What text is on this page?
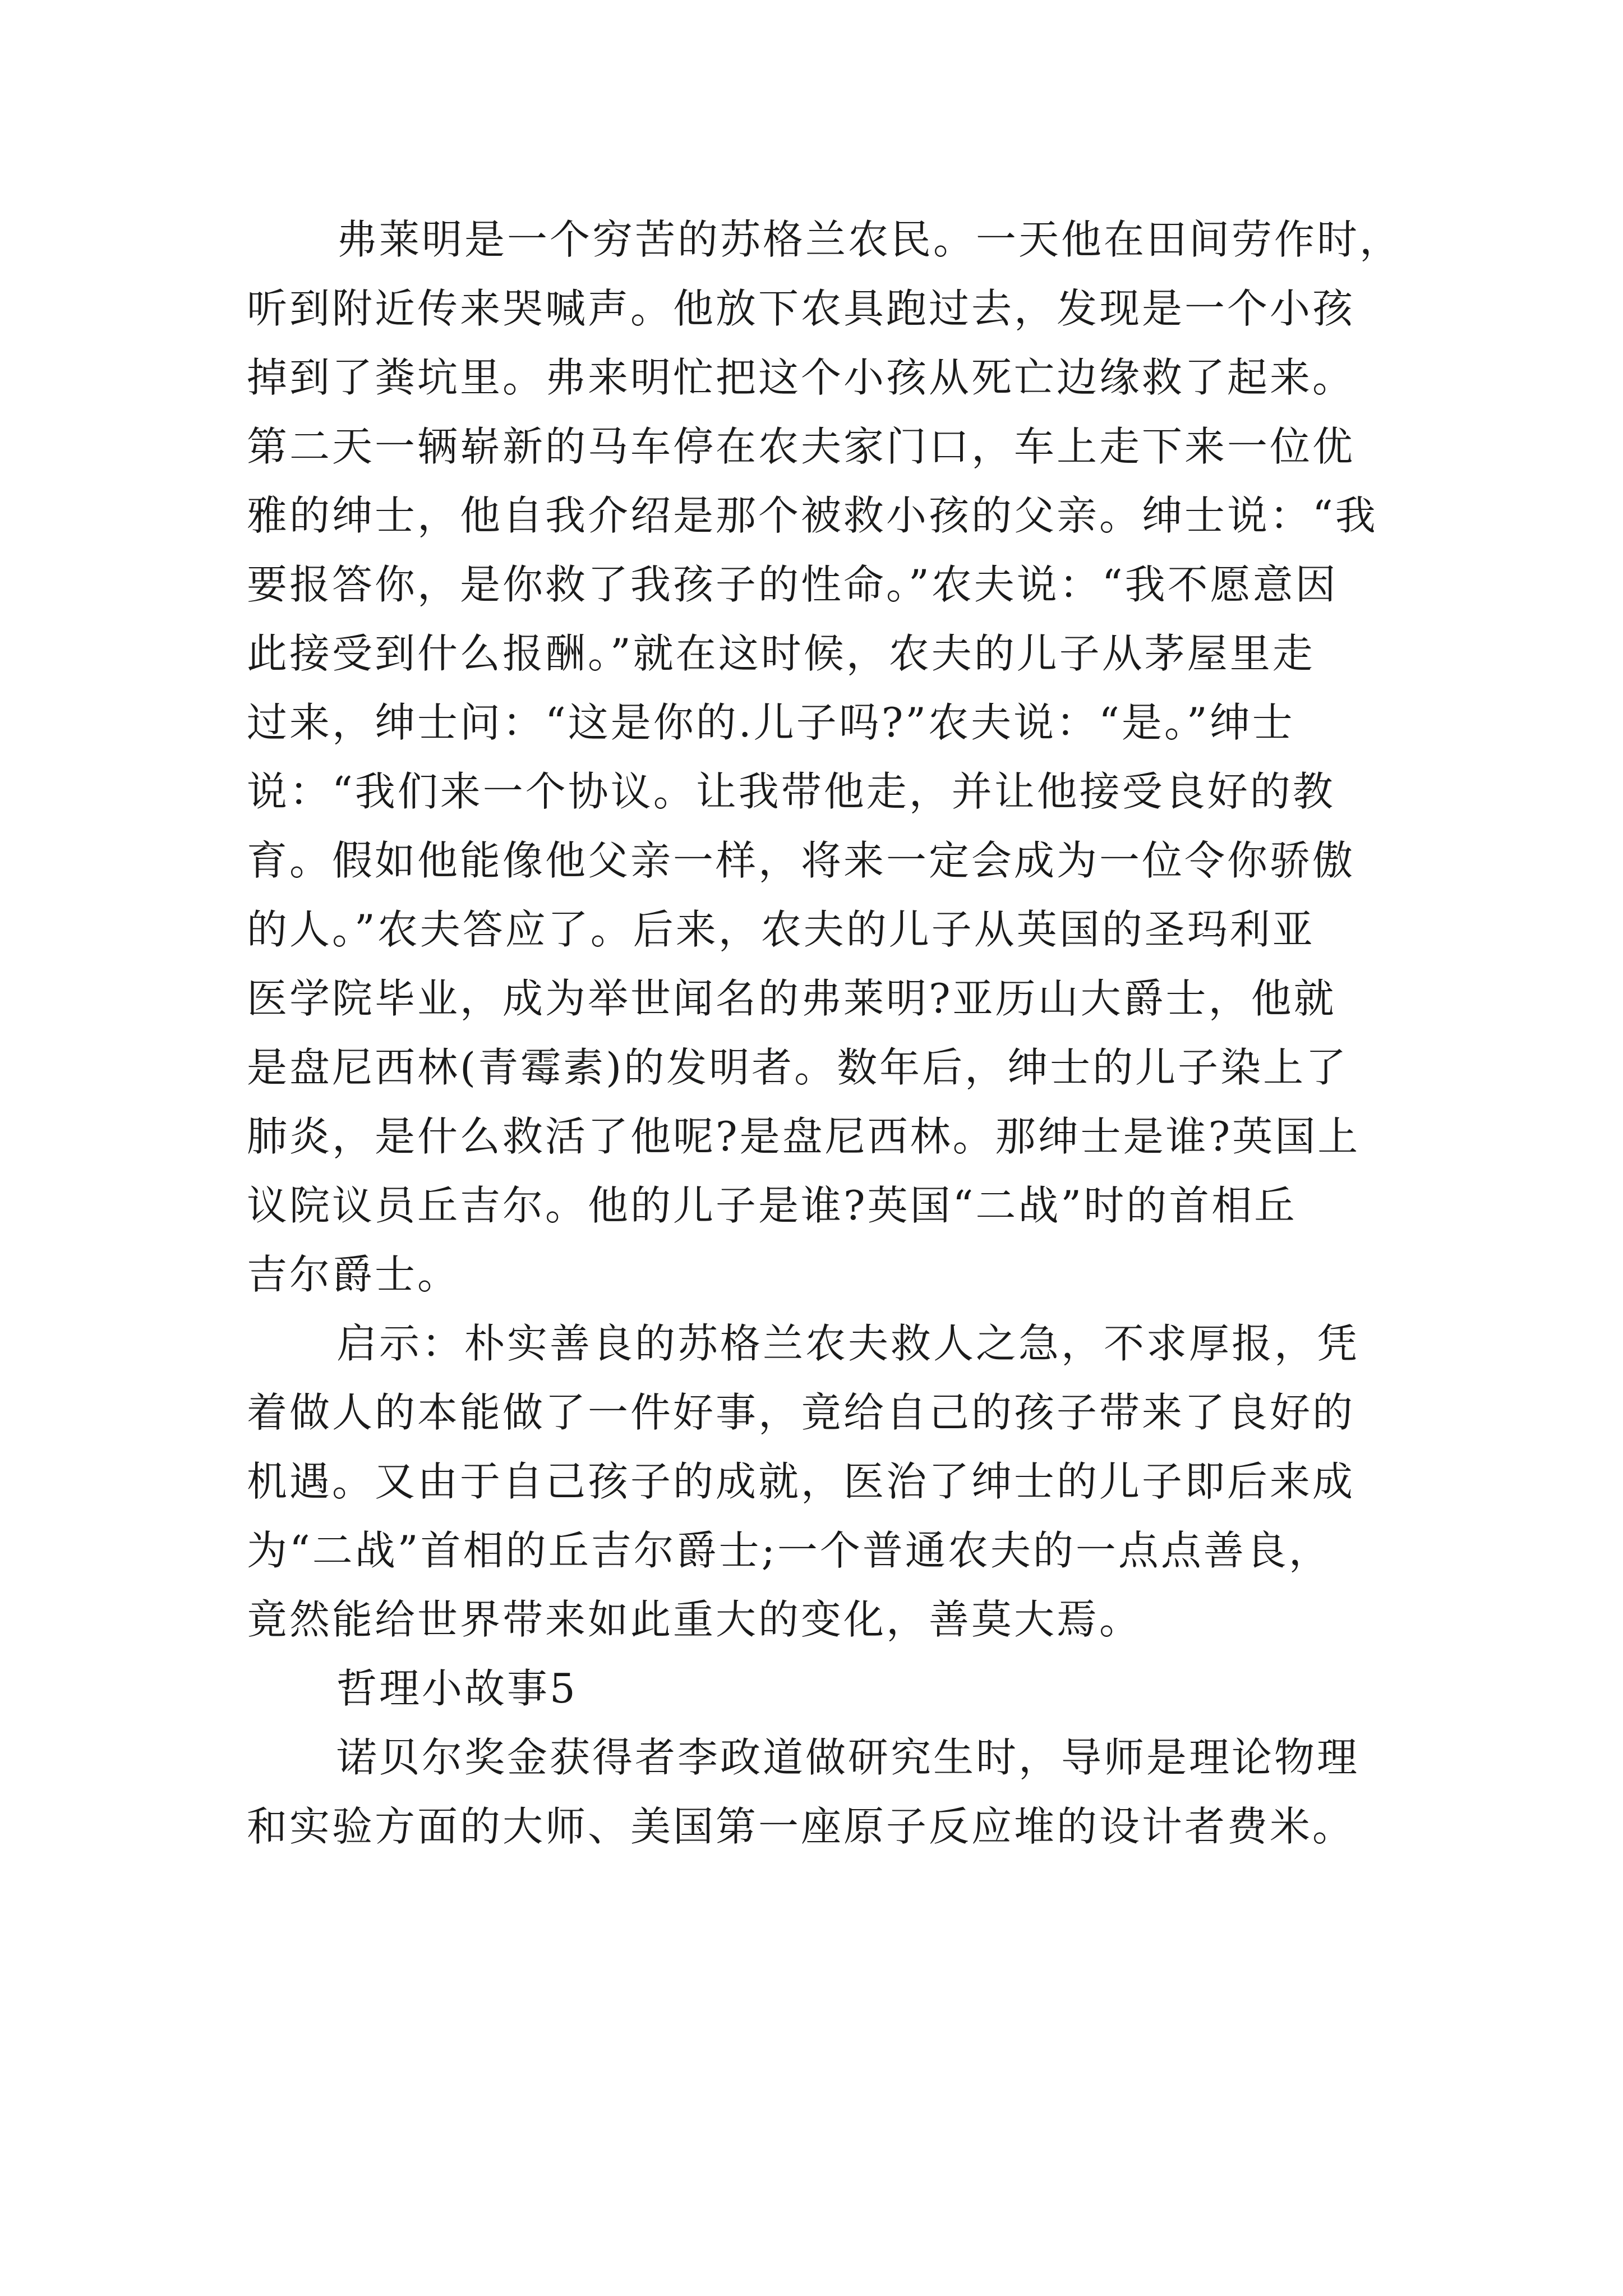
弗莱明是一个穷苦的苏格兰农民。一天他在田间劳作时，

听到附近传来哭喊声。他放下农具跑过去，发现是一个小孩

掉到了粪坑里。弗来明忙把这个小孩从死亡边缘救了起来。

第二天一辆崭新的马车停在农夫家门口，车上走下来一位优

雅的绅士，他自我介绍是那个被救小孩的父亲。绅士说：“我

要报答你，是你救了我孩子的性命。”农夫说：“我不愿意因

此接受到什么报酬。”就在这时候，农夫的儿子从茅屋里走

过来，绅士问：“这是你的.儿子吗?”农夫说：“是。”绅士

说：“我们来一个协议。让我带他走，并让他接受良好的教

育。假如他能像他父亲一样，将来一定会成为一位令你骄傲

的人。”农夫答应了。后来，农夫的儿子从英国的圣玛利亚

医学院毕业，成为举世闻名的弗莱明?亚历山大爵士，他就

是盘尼西林(青霉素)的发明者。数年后，绅士的儿子染上了

肺炎，是什么救活了他呢?是盘尼西林。那绅士是谁?英国上

议院议员丘吉尔。他的儿子是谁?英国“二战”时的首相丘

吉尔爵士。

启示：朴实善良的苏格兰农夫救人之急，不求厚报，凭

着做人的本能做了一件好事，竟给自己的孩子带来了良好的

机遇。又由于自己孩子的成就，医治了绅士的儿子即后来成

为“二战”首相的丘吉尔爵士;一个普通农夫的一点点善良，

竟然能给世界带来如此重大的变化，善莫大焉。

哲理小故事5

诺贝尔奖金获得者李政道做研究生时，导师是理论物理

和实验方面的大师、美国第一座原子反应堆的设计者费米。
